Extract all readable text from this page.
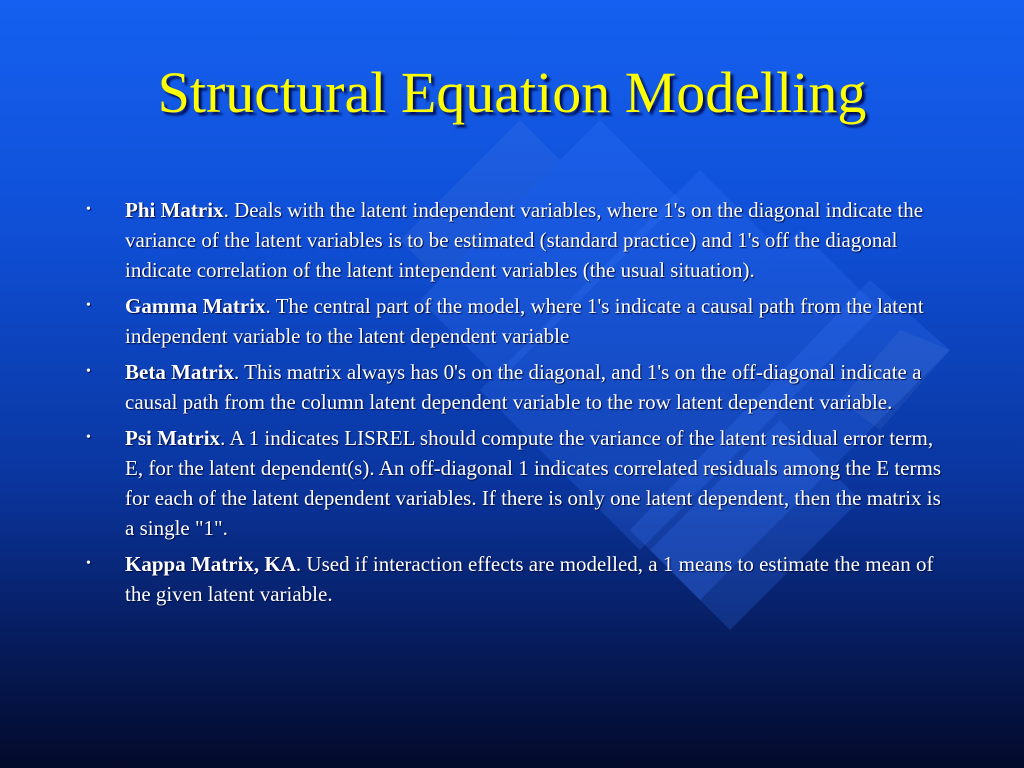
Structural Equation Modelling
• Phi Matrix. Deals with the latent independent variables, where 1's on the diagonal indicate the variance of the latent variables is to be estimated (standard practice) and 1's off the diagonal indicate correlation of the latent intependent variables (the usual situation).
• Gamma Matrix. The central part of the model, where 1's indicate a causal path from the latent independent variable to the latent dependent variable
• Beta Matrix. This matrix always has 0's on the diagonal, and 1's on the off-diagonal indicate a causal path from the column latent dependent variable to the row latent dependent variable.
• Psi Matrix. A 1 indicates LISREL should compute the variance of the latent residual error term, E, for the latent dependent(s). An off-diagonal 1 indicates correlated residuals among the E terms for each of the latent dependent variables. If there is only one latent dependent, then the matrix is a single "1".
• Kappa Matrix, KA. Used if interaction effects are modelled, a 1 means to estimate the mean of the given latent variable.
